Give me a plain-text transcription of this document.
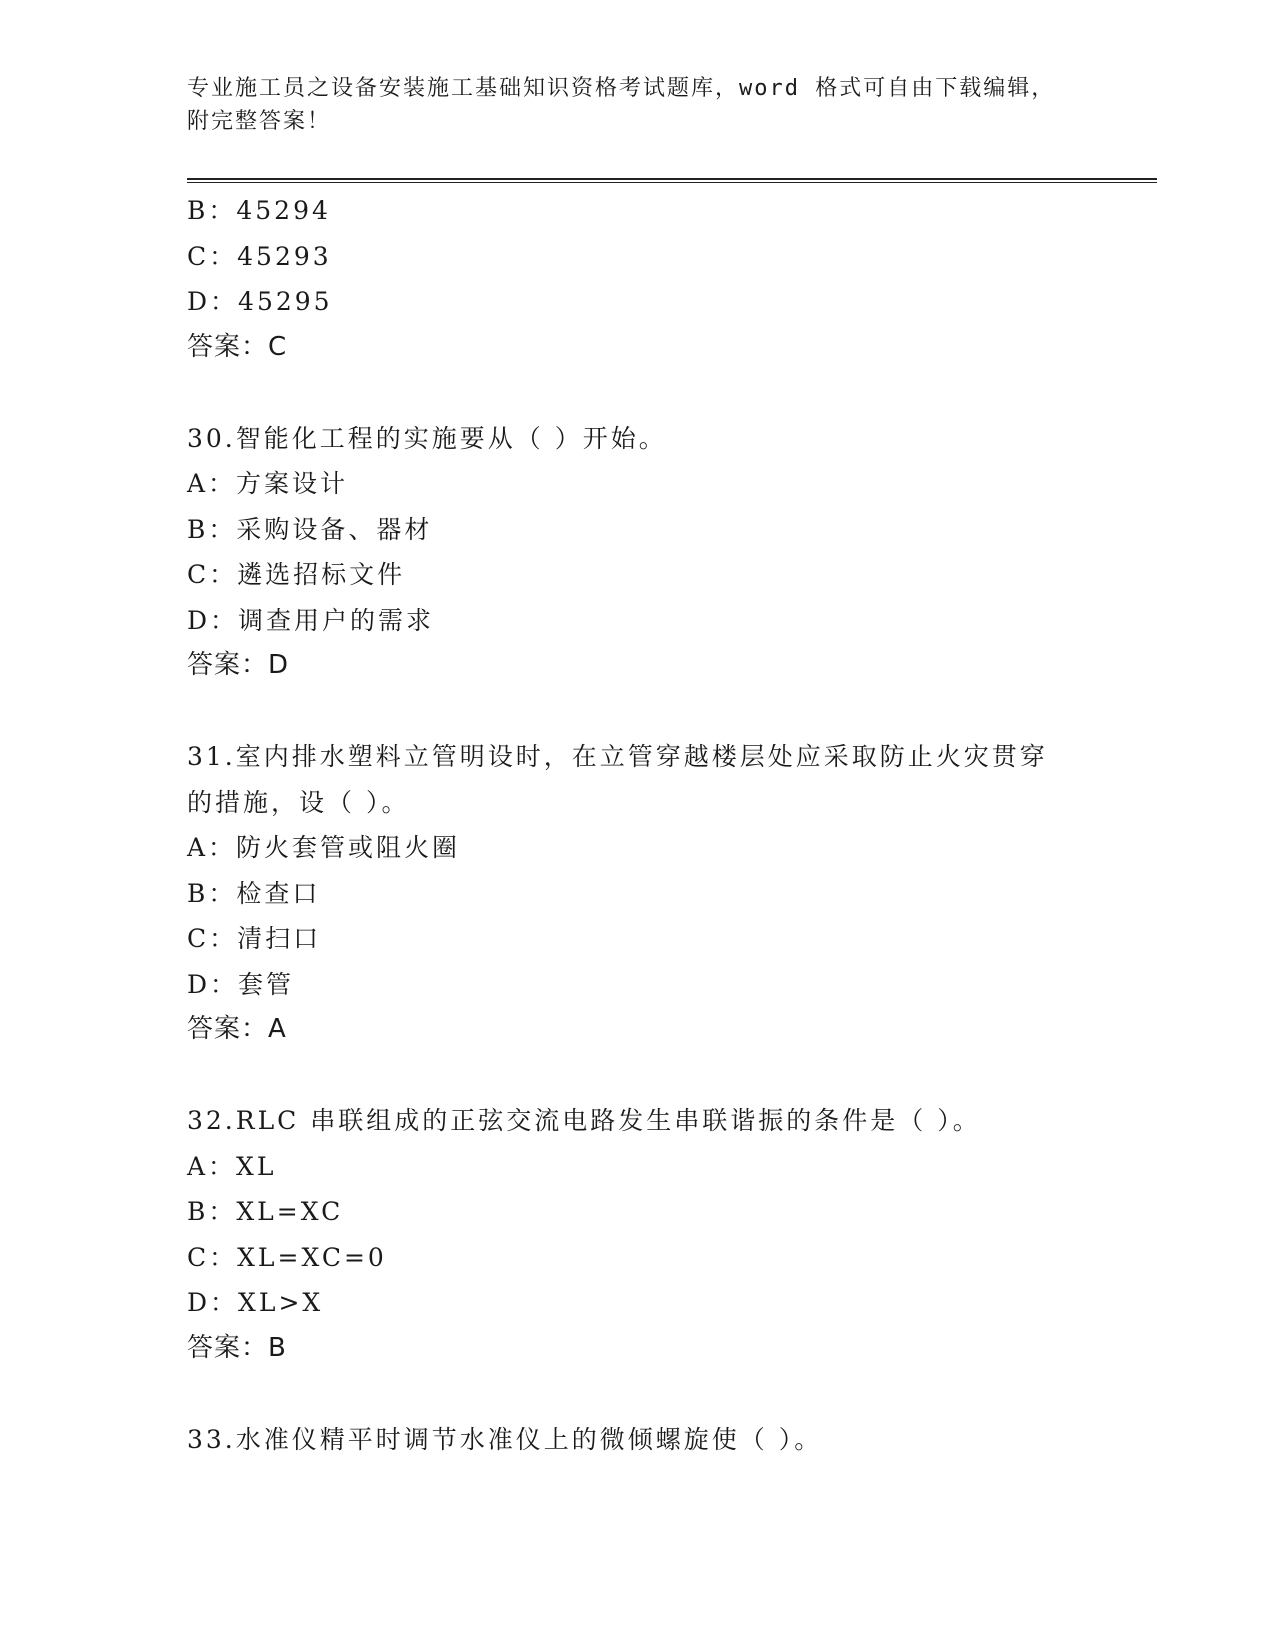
专业施工员之设备安装施工基础知识资格考试题库，word 格式可自由下载编辑，
附完整答案！
B：45294
C：45293
D：45295
答案：C
30.智能化工程的实施要从（ ）开始。
A：方案设计
B：采购设备、器材
C：遴选招标文件
D：调查用户的需求
答案：D
31.室内排水塑料立管明设时，在立管穿越楼层处应采取防止火灾贯穿
的措施，设（ ）。
A：防火套管或阻火圈
B：检查口
C：清扫口
D：套管
答案：A
32.RLC 串联组成的正弦交流电路发生串联谐振的条件是（ ）。
A：XL
B：XL=XC
C：XL=XC=0
D：XL>X
答案：B
33.水准仪精平时调节水准仪上的微倾螺旋使（ ）。
